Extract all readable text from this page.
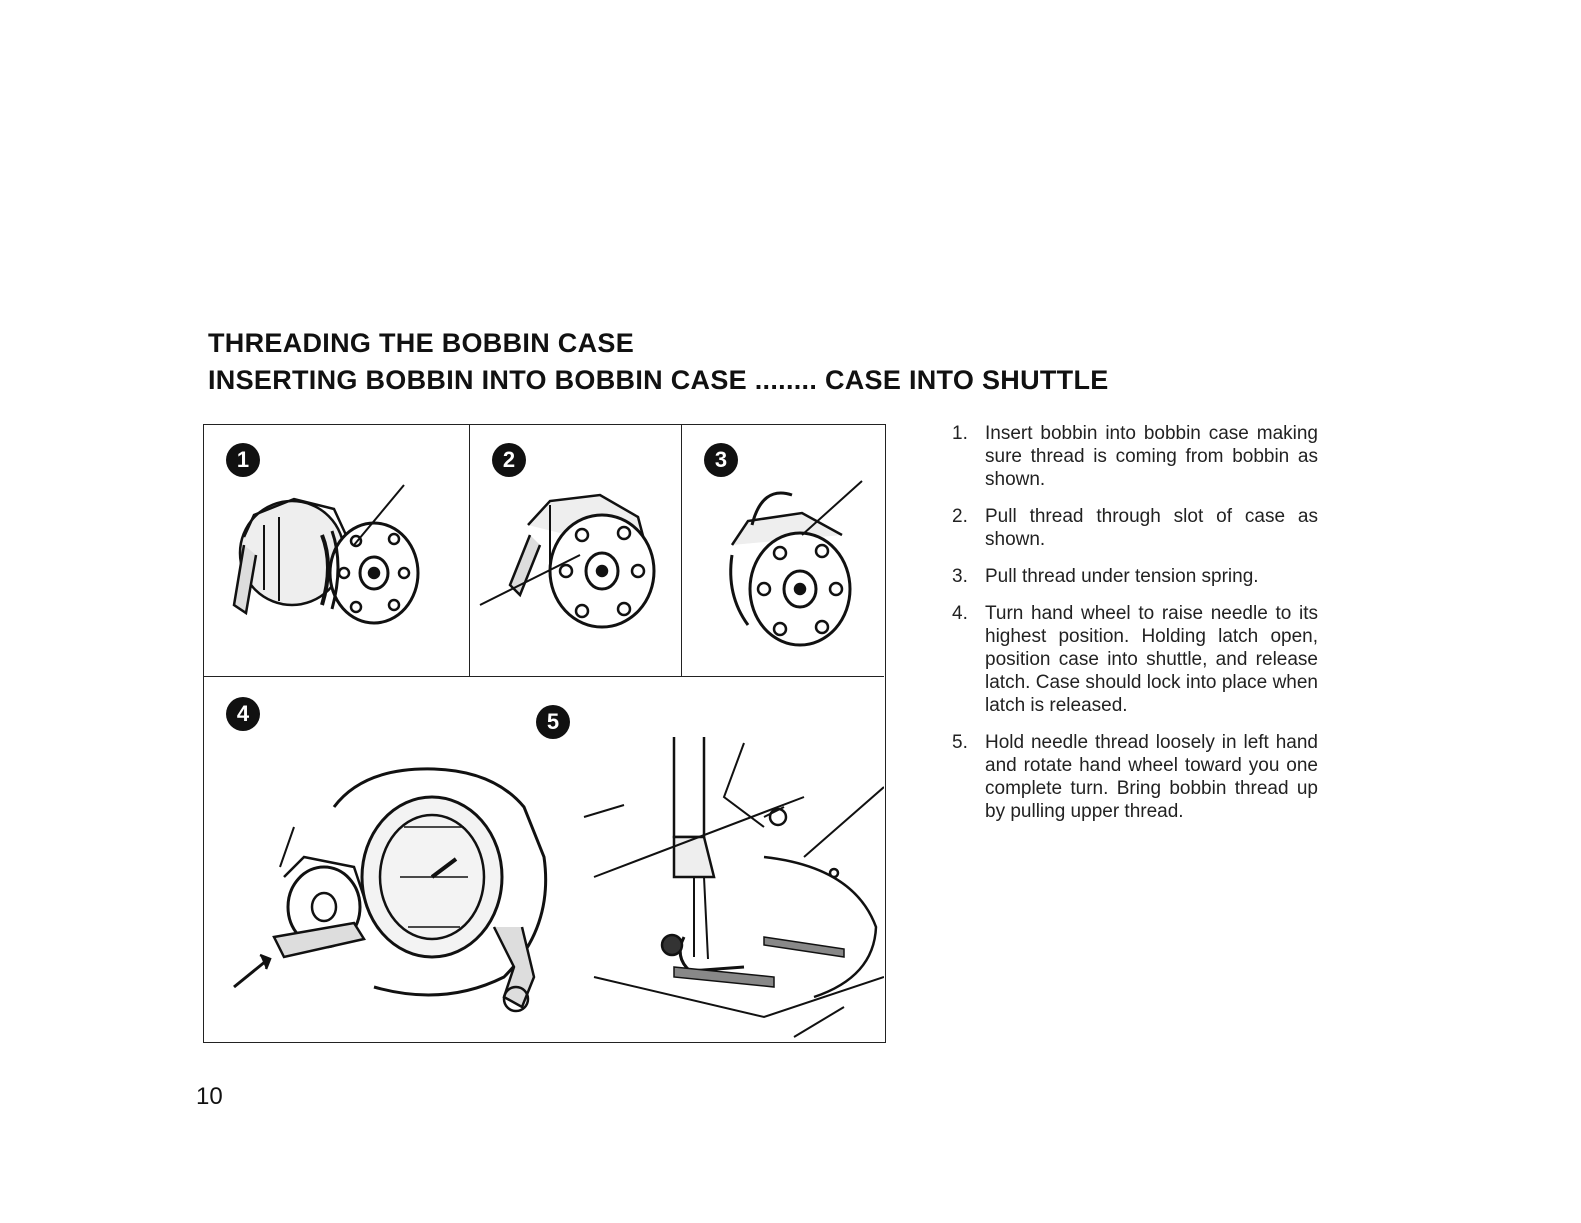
THREADING THE BOBBIN CASE
INSERTING BOBBIN INTO BOBBIN CASE ........ CASE INTO SHUTTLE
1	2	3
4	5
1. Insert bobbin into bobbin case making sure thread is coming from bobbin as shown.
2. Pull thread through slot of case as shown.
3. Pull thread under tension spring.
4. Turn hand wheel to raise needle to its highest position. Holding latch open, position case into shuttle, and release latch. Case should lock into place when latch is released.
5. Hold needle thread loosely in left hand and rotate hand wheel toward you one complete turn. Bring bobbin thread up by pulling upper thread.

10
